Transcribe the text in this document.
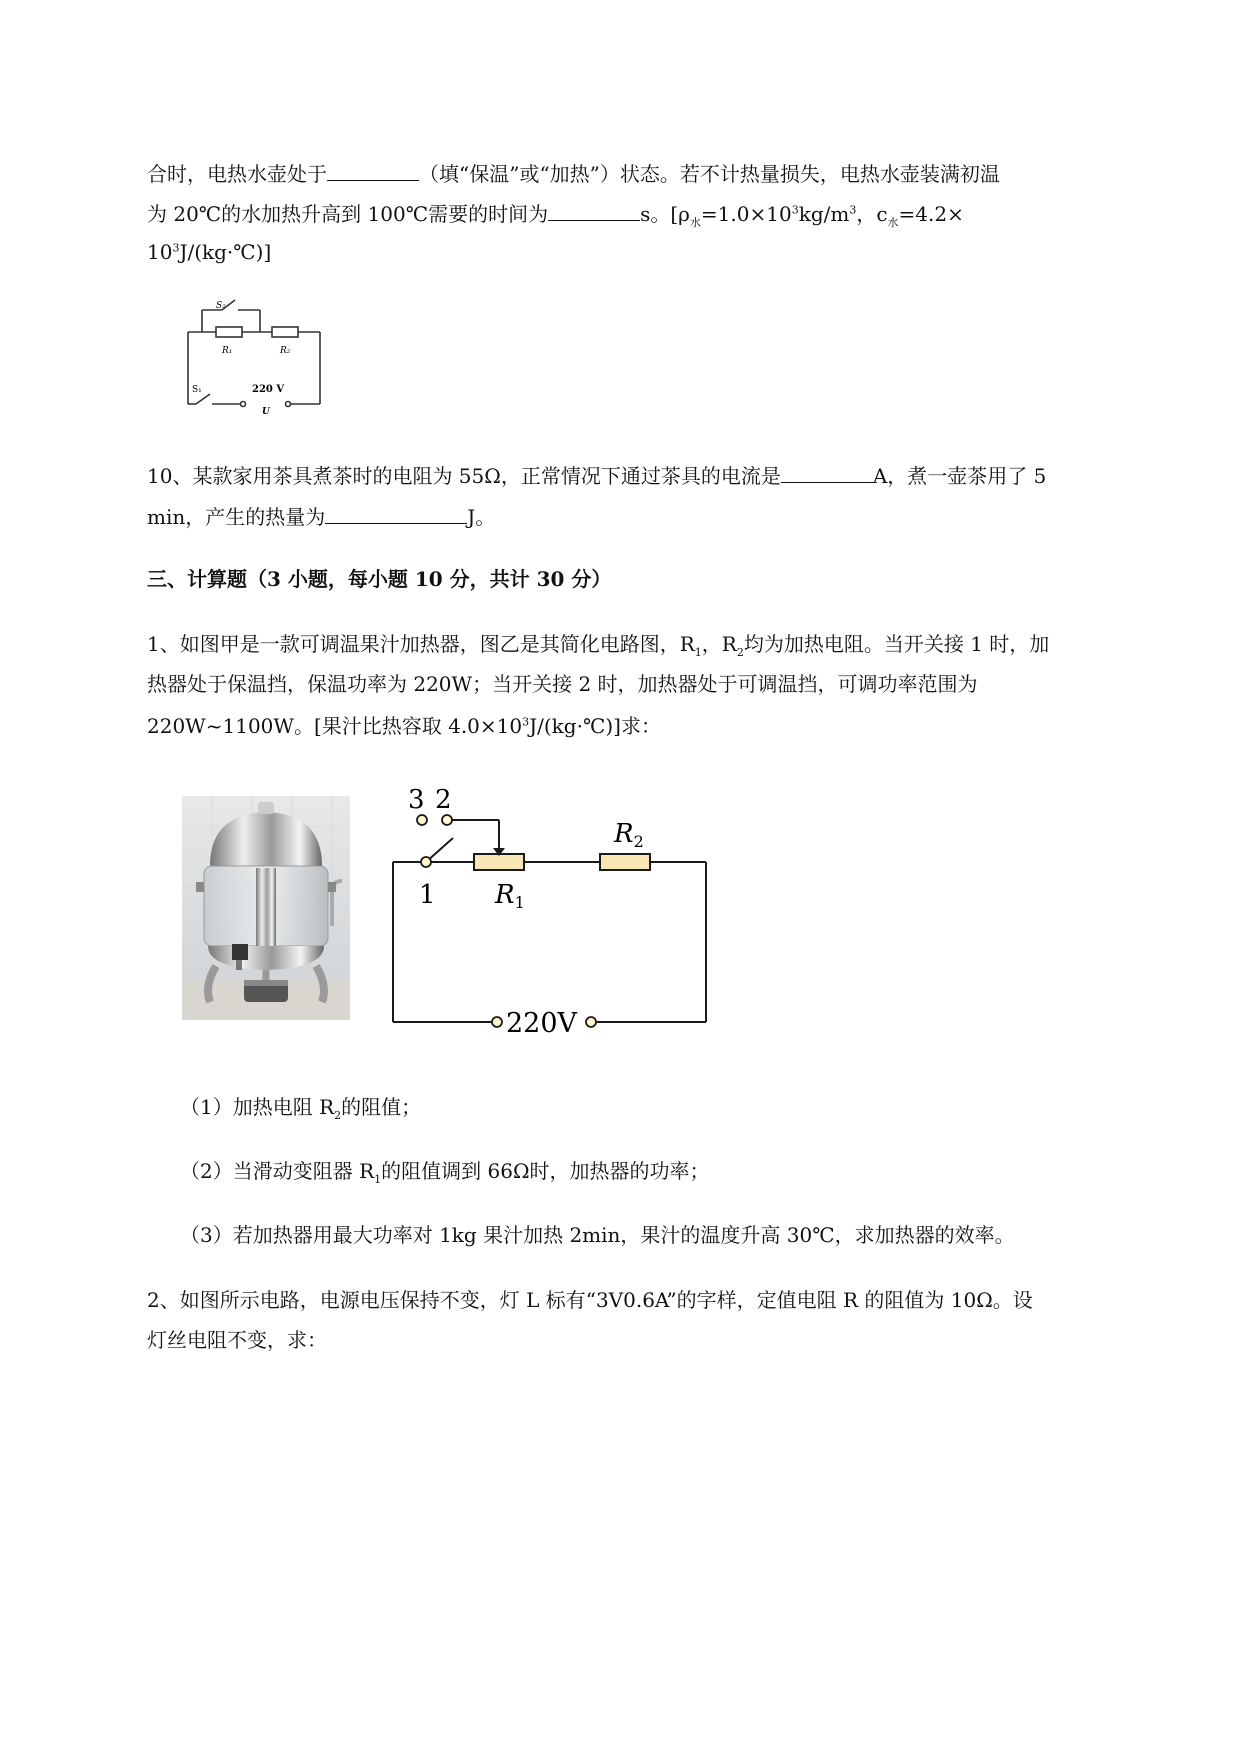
合时，电热水壶处于	（填“保温”或“加热”）状态。若不计热量损失，电热水壶装满初温
为 20℃的水加热升高到 100℃需要的时间为	s。[$\rho_水=1.0\times 10^3kg/m^3$，$c_水=4.2\times$
$10^3J/(kg\cdot℃)$]
S₂
R₁	R₂
S₁	220 V
U
10、某款家用茶具煮茶时的电阻为 55Ω，正常情况下通过茶具的电流是	A，煮一壶茶用了 5
min，产生的热量为	J。
三、计算题（3 小题，每小题 10 分，共计 30 分）
1、如图甲是一款可调温果汁加热器，图乙是其简化电路图，$R_1$，$R_2$均为加热电阻。当开关接 1 时，加
热器处于保温挡，保温功率为 220W；当开关接 2 时，加热器处于可调温挡，可调功率范围为
220W~1100W。[果汁比热容取 $4.0\times 10^3J/(kg\cdot℃)$]求：
3 2
1 R1
R2
220V
（1）加热电阻 $R_2$的阻值；
（2）当滑动变阻器 $R_1$的阻值调到 66Ω时，加热器的功率；
（3）若加热器用最大功率对 1kg 果汁加热 2min，果汁的温度升高 30℃，求加热器的效率。
2、如图所示电路，电源电压保持不变，灯 L 标有“3V0.6A”的字样，定值电阻 R 的阻值为 10Ω。设
灯丝电阻不变，求：
